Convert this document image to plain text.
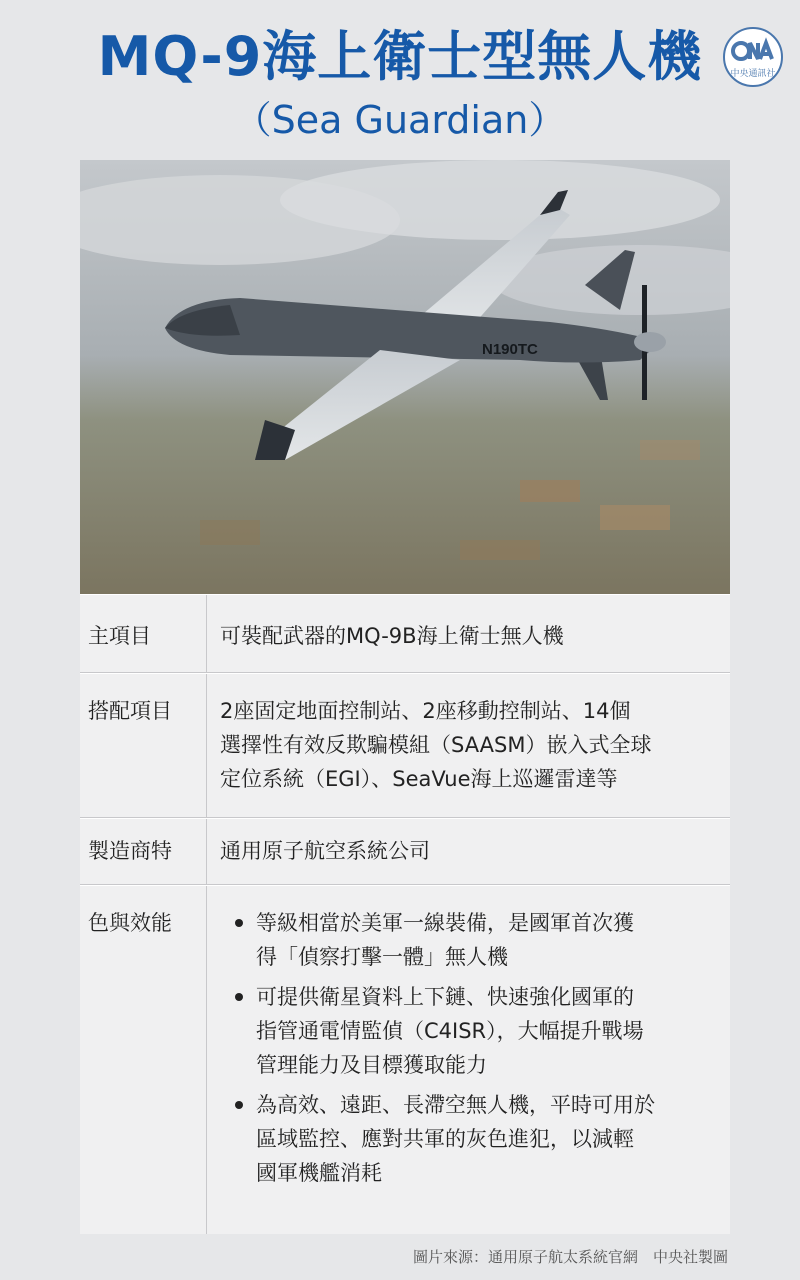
MQ-9海上衛士型無人機
（Sea Guardian）
中央通訊社
N190TC
主項目	可裝配武器的MQ-9B海上衛士無人機
搭配項目	2座固定地面控制站、2座移動控制站、14個
選擇性有效反欺騙模組（SAASM）嵌入式全球
定位系統（EGI）、SeaVue海上巡邏雷達等
製造商特	通用原子航空系統公司
色與效能	等級相當於美軍一線裝備，是國軍首次獲
得「偵察打擊一體」無人機
可提供衛星資料上下鏈、快速強化國軍的
指管通電情監偵（C4ISR），大幅提升戰場
管理能力及目標獲取能力
為高效、遠距、長滯空無人機，平時可用於
區域監控、應對共軍的灰色進犯，以減輕
國軍機艦消耗
圖片來源：通用原子航太系統官網　中央社製圖
